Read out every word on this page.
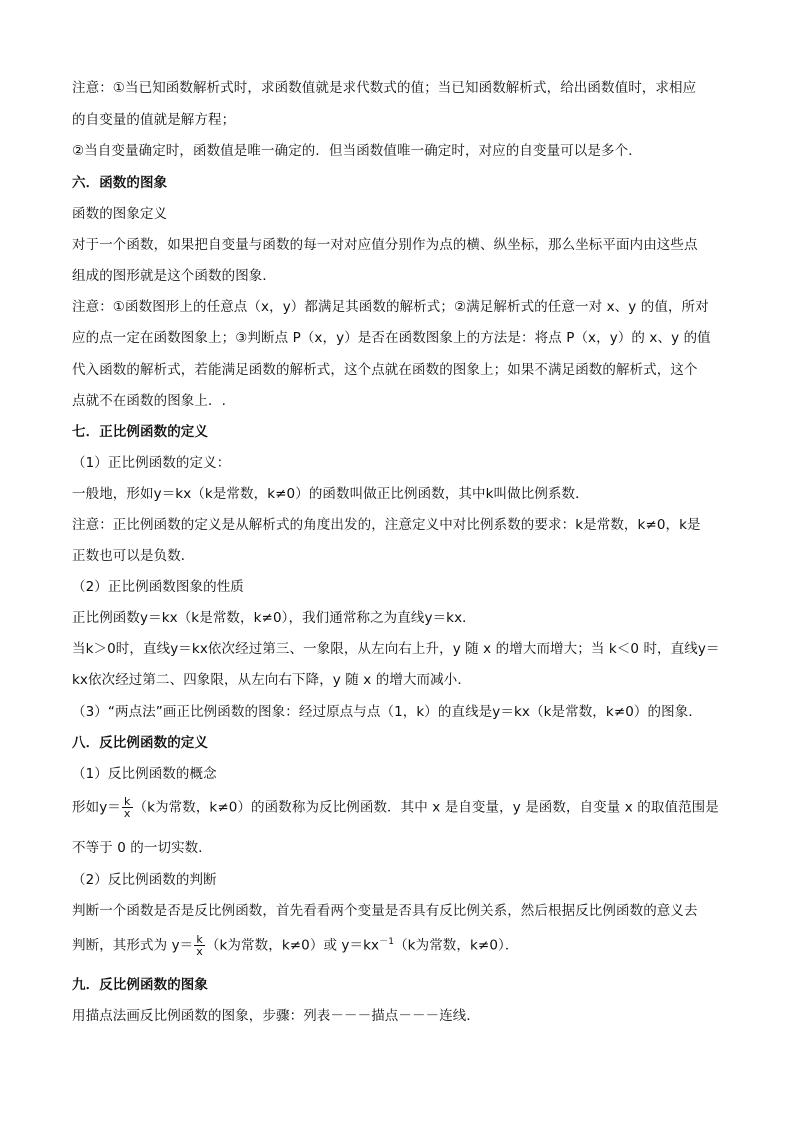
注意：①当已知函数解析式时，求函数值就是求代数式的值；当已知函数解析式，给出函数值时，求相应
的自变量的值就是解方程；
②当自变量确定时，函数值是唯一确定的．但当函数值唯一确定时，对应的自变量可以是多个．
六．函数的图象
函数的图象定义
对于一个函数，如果把自变量与函数的每一对对应值分别作为点的横、纵坐标，那么坐标平面内由这些点
组成的图形就是这个函数的图象．
注意：①函数图形上的任意点（x，y）都满足其函数的解析式；②满足解析式的任意一对 x、y 的值，所对
应的点一定在函数图象上；③判断点 P（x，y）是否在函数图象上的方法是：将点 P（x，y）的 x、y 的值
代入函数的解析式，若能满足函数的解析式，这个点就在函数的图象上；如果不满足函数的解析式，这个
点就不在函数的图象上．.
七．正比例函数的定义
（1）正比例函数的定义：
一般地，形如y＝kx（k是常数，k≠0）的函数叫做正比例函数，其中k叫做比例系数．
注意：正比例函数的定义是从解析式的角度出发的，注意定义中对比例系数的要求：k是常数，k≠0，k是
正数也可以是负数．
（2）正比例函数图象的性质
正比例函数y＝kx（k是常数，k≠0），我们通常称之为直线y＝kx．
当k＞0时，直线y＝kx依次经过第三、一象限，从左向右上升，y 随 x 的增大而增大；当 k＜0 时，直线y＝
kx依次经过第二、四象限，从左向右下降，y 随 x 的增大而减小．
（3）“两点法”画正比例函数的图象：经过原点与点（1，k）的直线是y＝kx（k是常数，k≠0）的图象．
八．反比例函数的定义
（1）反比例函数的概念
形如$y= \frac{k}{x} (k$为常数，k≠0）的函数称为反比例函数．其中 x 是自变量，y 是函数，自变量 x 的取值范围是
不等于 0 的一切实数．
（2）反比例函数的判断
判断一个函数是否是反比例函数，首先看看两个变量是否具有反比例关系，然后根据反比例函数的意义去
判断，其形式为 $y= \frac{k}{x} (k$为常数，k≠0）或 $y=kx^{-1}(k$为常数，k≠0）．
九．反比例函数的图象
用描点法画反比例函数的图象，步骤：列表－－－描点－－－连线．
